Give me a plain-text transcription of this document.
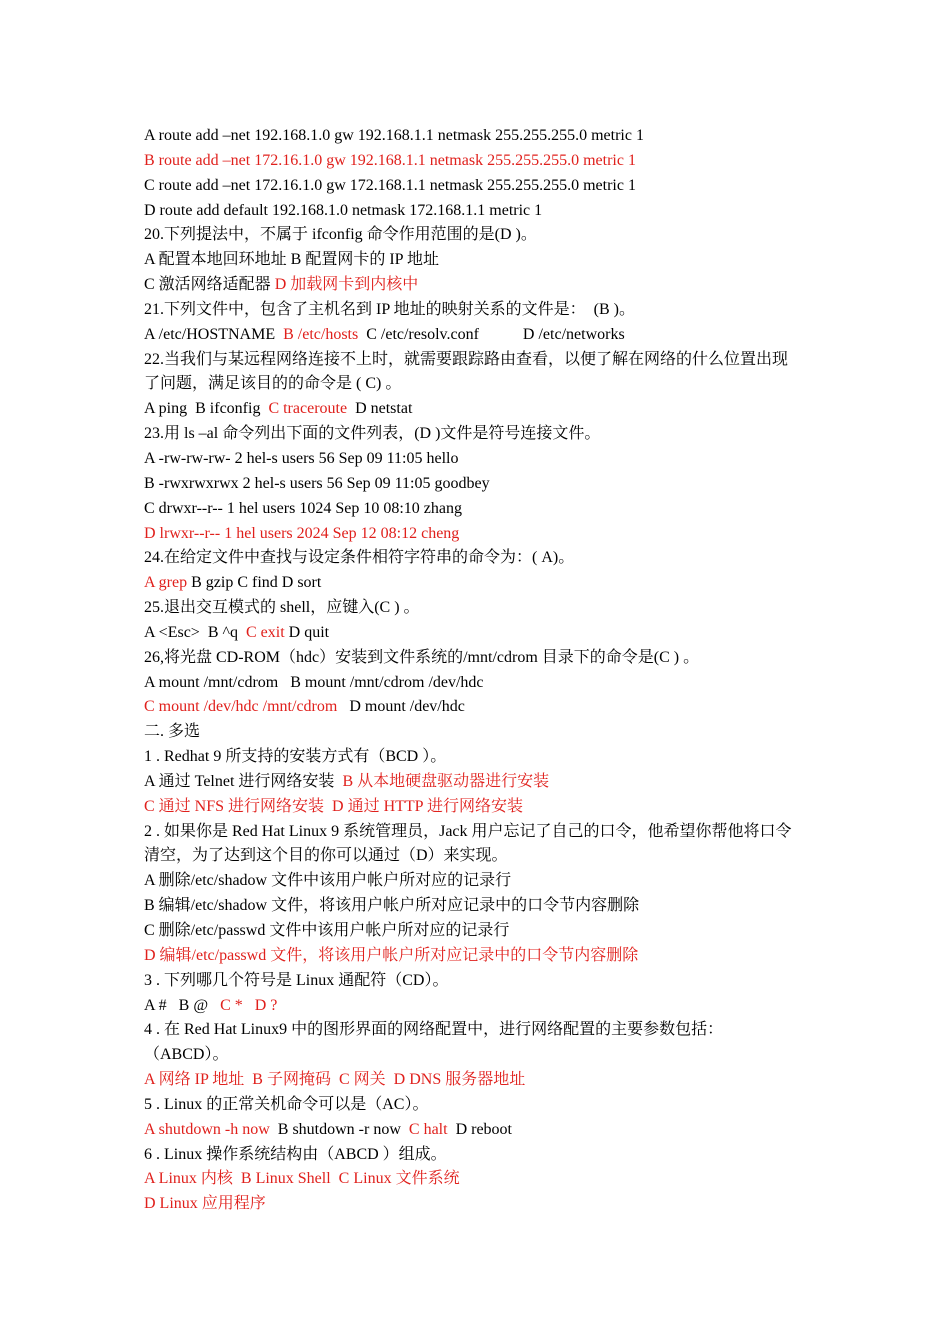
A route add –net 192.168.1.0 gw 192.168.1.1 netmask 255.255.255.0 metric 1
B route add –net 172.16.1.0 gw 192.168.1.1 netmask 255.255.255.0 metric 1
C route add –net 172.16.1.0 gw 172.168.1.1 netmask 255.255.255.0 metric 1
D route add default 192.168.1.0 netmask 172.168.1.1 metric 1
20.下列提法中，不属于 ifconfig 命令作用范围的是(D )。
A 配置本地回环地址 B 配置网卡的 IP 地址
C 激活网络适配器 D 加载网卡到内核中
21.下列文件中，包含了主机名到 IP 地址的映射关系的文件是：  (B )。
A /etc/HOSTNAME  B /etc/hosts  C /etc/resolv.conf           D /etc/networks
22.当我们与某远程网络连接不上时，就需要跟踪路由查看，以便了解在网络的什么位置出现
了问题，满足该目的的命令是 ( C) 。
A ping  B ifconfig  C traceroute  D netstat
23.用 ls –al 命令列出下面的文件列表，(D )文件是符号连接文件。
A -rw-rw-rw- 2 hel-s users 56 Sep 09 11:05 hello
B -rwxrwxrwx 2 hel-s users 56 Sep 09 11:05 goodbey
C drwxr--r-- 1 hel users 1024 Sep 10 08:10 zhang
D lrwxr--r-- 1 hel users 2024 Sep 12 08:12 cheng
24.在给定文件中查找与设定条件相符字符串的命令为：( A)。
A grep B gzip C find D sort
25.退出交互模式的 shell，应键入(C ) 。
A <Esc>  B ^q  C exit D quit
26,将光盘 CD-ROM（hdc）安装到文件系统的/mnt/cdrom 目录下的命令是(C ) 。
A mount /mnt/cdrom   B mount /mnt/cdrom /dev/hdc
C mount /dev/hdc /mnt/cdrom   D mount /dev/hdc
二. 多选
1 . Redhat 9 所支持的安装方式有（BCD ）。
A 通过 Telnet 进行网络安装  B 从本地硬盘驱动器进行安装
C 通过 NFS 进行网络安装  D 通过 HTTP 进行网络安装
2 . 如果你是 Red Hat Linux 9 系统管理员，Jack 用户忘记了自己的口令，他希望你帮他将口令
清空，为了达到这个目的你可以通过（D）来实现。
A 删除/etc/shadow 文件中该用户帐户所对应的记录行
B 编辑/etc/shadow 文件，将该用户帐户所对应记录中的口令节内容删除
C 删除/etc/passwd 文件中该用户帐户所对应的记录行
D 编辑/etc/passwd 文件，将该用户帐户所对应记录中的口令节内容删除
3 . 下列哪几个符号是 Linux 通配符（CD）。
A #   B @   C *   D ?
4 . 在 Red Hat Linux9 中的图形界面的网络配置中，进行网络配置的主要参数包括：
（ABCD）。
A 网络 IP 地址  B 子网掩码  C 网关  D DNS 服务器地址
5 . Linux 的正常关机命令可以是（AC）。
A shutdown -h now  B shutdown -r now  C halt  D reboot
6 . Linux 操作系统结构由（ABCD ）组成。
A Linux 内核  B Linux Shell  C Linux 文件系统
D Linux 应用程序
